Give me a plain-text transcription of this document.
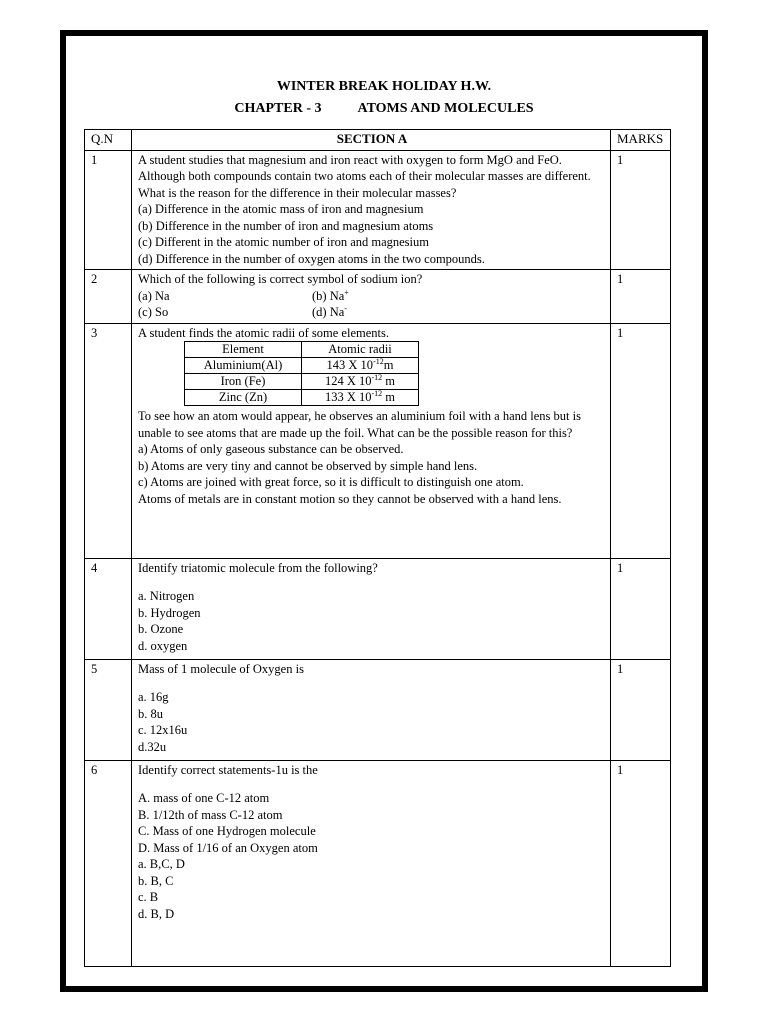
WINTER BREAK HOLIDAY H.W.
CHAPTER - 3	ATOMS AND MOLECULES
Q.N	SECTION A	MARKS
1	A student studies that magnesium and iron react with oxygen to form MgO and FeO. Although both compounds contain two atoms each of their molecular masses are different. What is the reason for the difference in their molecular masses?
(a) Difference in the atomic mass of iron and magnesium
(b) Difference in the number of iron and magnesium atoms
(c) Different in the atomic number of iron and magnesium
(d) Difference in the number of oxygen atoms in the two compounds.
	1
2	Which of the following is correct symbol of sodium ion?
(a) Na	(b) Na+
(c) So	(d) Na-
	1
3	A student finds the atomic radii of some elements.
Element	Atomic radii
Aluminium(Al)	143 X $10^{-12}m$
Iron (Fe)	124 X $10^{-12}$ m
Zinc (Zn)	133 X $10^{-12}$ m
To see how an atom would appear, he observes an aluminium foil with a hand lens but is unable to see atoms that are made up the foil. What can be the possible reason for this?
a) Atoms of only gaseous substance can be observed.
b) Atoms are very tiny and cannot be observed by simple hand lens.
c) Atoms are joined with great force, so it is difficult to distinguish one atom.
Atoms of metals are in constant motion so they cannot be observed with a hand lens.
	1
4	Identify triatomic molecule from the following?
a. Nitrogen
b. Hydrogen
b. Ozone
d. oxygen
	1
5	Mass of 1 molecule of Oxygen is
a. 16g
b. 8u
c. 12x16u
d.32u
	1
6	Identify correct statements-1u is the
A. mass of one C-12 atom
B. 1/12th of mass C-12 atom
C. Mass of one Hydrogen molecule
D. Mass of 1/16 of an Oxygen atom
a. B,C, D
b. B, C
c. B
d. B, D
	1
